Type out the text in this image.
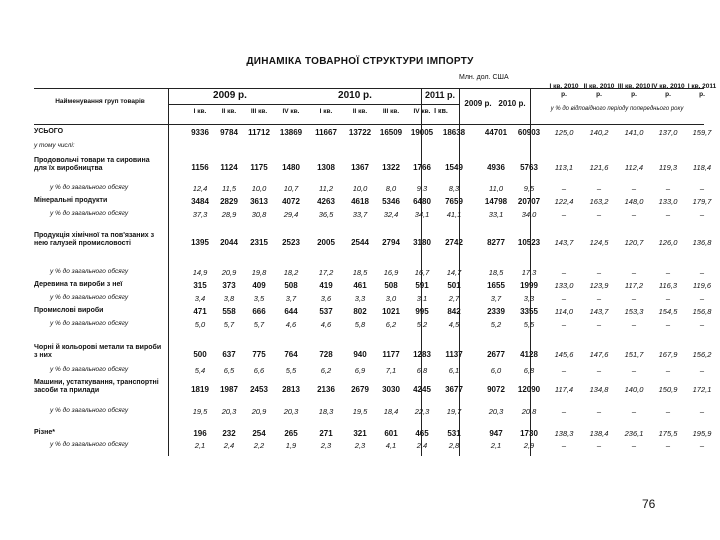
ДИНАМІКА ТОВАРНОЇ СТРУКТУРИ ІМПОРТУ
Млн. дол. США
Найменування груп товарів
2009 р.	2010 р.	2011 р.
І кв.
2009 р. 2010 р.
І кв.	ІІ кв.	ІІІ кв.	IV кв.	І кв.	ІІ кв.	ІІІ кв.	IV кв.
І кв. 2010 р.
ІІ кв. 2010 р.
ІІІ кв. 2010 р.
IV кв. 2010 р.
І кв. 2011 р.
у % до відповідного періоду попереднього року
УСЬОГО	9336	9784	11712	13869	11667	13722	16509	19005	18638	44701	60903	125,0	140,2	141,0	137,0	159,7
у тому числі:
Продовольчі товари та сировина для їх виробництва	1156	1124	1175	1480	1308	1367	1322	1766	1549	4936	5763	113,1	121,6	112,4	119,3	118,4
у % до загального обсягу	12,4	11,5	10,0	10,7	11,2	10,0	8,0	9,3	8,3	11,0	9,5	–	–	–	–	–
Мінеральні продукти	3484	2829	3613	4072	4263	4618	5346	6480	7659	14798	20707	122,4	163,2	148,0	133,0	179,7
у % до загального обсягу	37,3	28,9	30,8	29,4	36,5	33,7	32,4	34,1	41,1	33,1	34,0	–	–	–	–	–
Продукція хімічної та пов'язаних з нею галузей промисловості	1395	2044	2315	2523	2005	2544	2794	3180	2742	8277	10523	143,7	124,5	120,7	126,0	136,8
у % до загального обсягу	14,9	20,9	19,8	18,2	17,2	18,5	16,9	16,7	14,7	18,5	17,3	–	–	–	–	–
Деревина та вироби з неї	315	373	409	508	419	461	508	591	501	1655	1999	133,0	123,9	117,2	116,3	119,6
у % до загального обсягу	3,4	3,8	3,5	3,7	3,6	3,3	3,0	3,1	2,7	3,7	3,3	–	–	–	–	–
Промислові вироби	471	558	666	644	537	802	1021	995	842	2339	3355	114,0	143,7	153,3	154,5	156,8
у % до загального обсягу	5,0	5,7	5,7	4,6	4,6	5,8	6,2	5,2	4,5	5,2	5,5	–	–	–	–	–
Чорні й кольорові метали та вироби з них	500	637	775	764	728	940	1177	1283	1137	2677	4128	145,6	147,6	151,7	167,9	156,2
у % до загального обсягу	5,4	6,5	6,6	5,5	6,2	6,9	7,1	6,8	6,1	6,0	6,8	–	–	–	–	–
Машини, устаткування, транспортні засоби та прилади	1819	1987	2453	2813	2136	2679	3030	4245	3677	9072	12090	117,4	134,8	140,0	150,9	172,1
у % до загального обсягу	19,5	20,3	20,9	20,3	18,3	19,5	18,4	22,3	19,7	20,3	20,8	–	–	–	–	–
Різне*	196	232	254	265	271	321	601	465	531	947	1730	138,3	138,4	236,1	175,5	195,9
у % до загального обсягу	2,1	2,4	2,2	1,9	2,3	2,3	4,1	2,4	2,8	2,1	2,9	–	–	–	–	–
76
